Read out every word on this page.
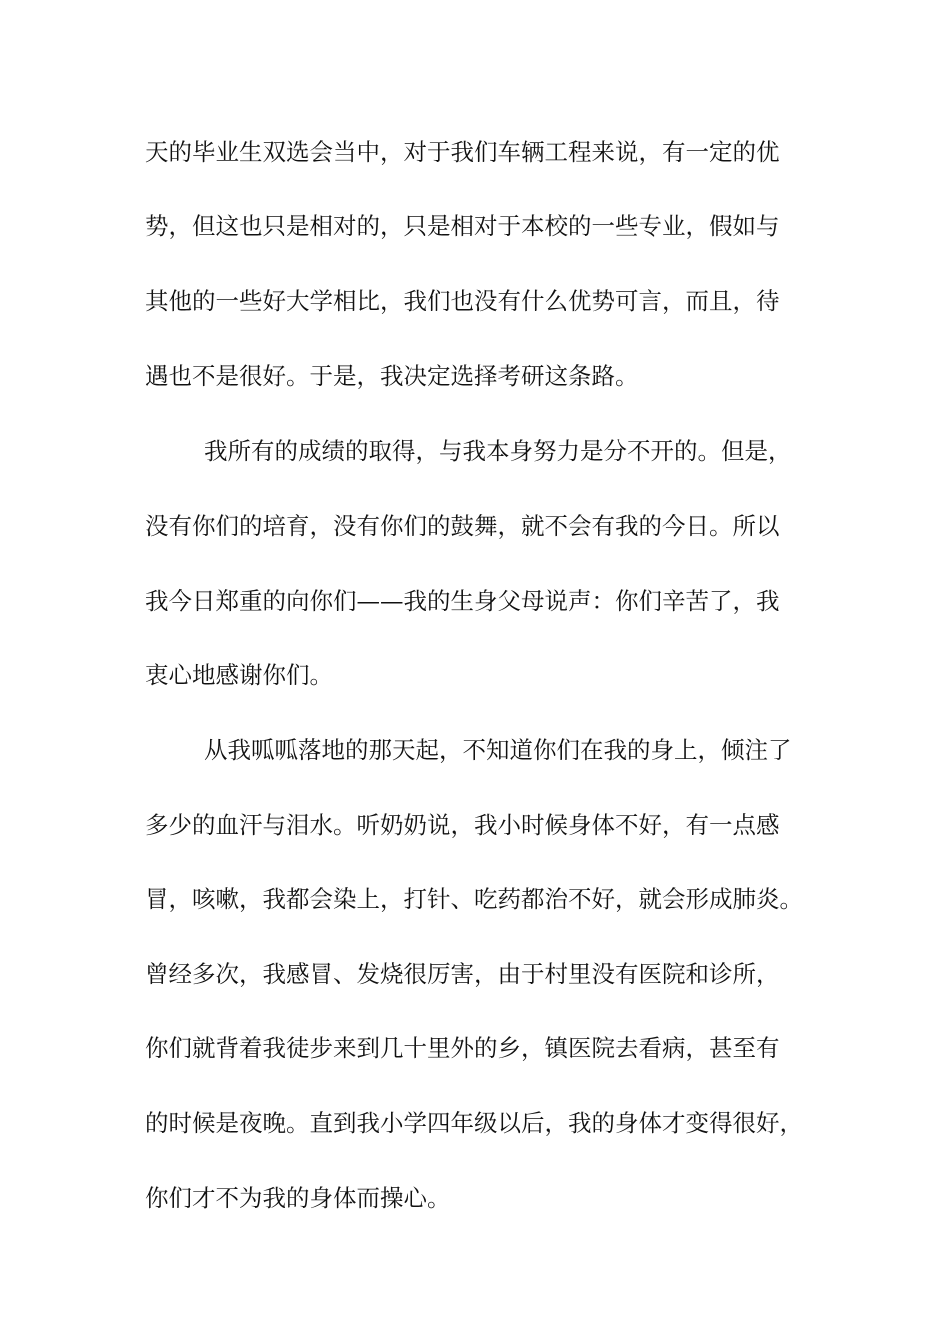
天的毕业生双选会当中，对于我们车辆工程来说，有一定的优

势，但这也只是相对的，只是相对于本校的一些专业，假如与

其他的一些好大学相比，我们也没有什么优势可言，而且，待

遇也不是很好。于是，我决定选择考研这条路。

我所有的成绩的取得，与我本身努力是分不开的。但是，

没有你们的培育，没有你们的鼓舞，就不会有我的今日。所以

我今日郑重的向你们——我的生身父母说声：你们辛苦了，我

衷心地感谢你们。

从我呱呱落地的那天起，不知道你们在我的身上，倾注了

多少的血汗与泪水。听奶奶说，我小时候身体不好，有一点感

冒，咳嗽，我都会染上，打针、吃药都治不好，就会形成肺炎。

曾经多次，我感冒、发烧很厉害，由于村里没有医院和诊所，

你们就背着我徒步来到几十里外的乡，镇医院去看病，甚至有

的时候是夜晚。直到我小学四年级以后，我的身体才变得很好，

你们才不为我的身体而操心。
